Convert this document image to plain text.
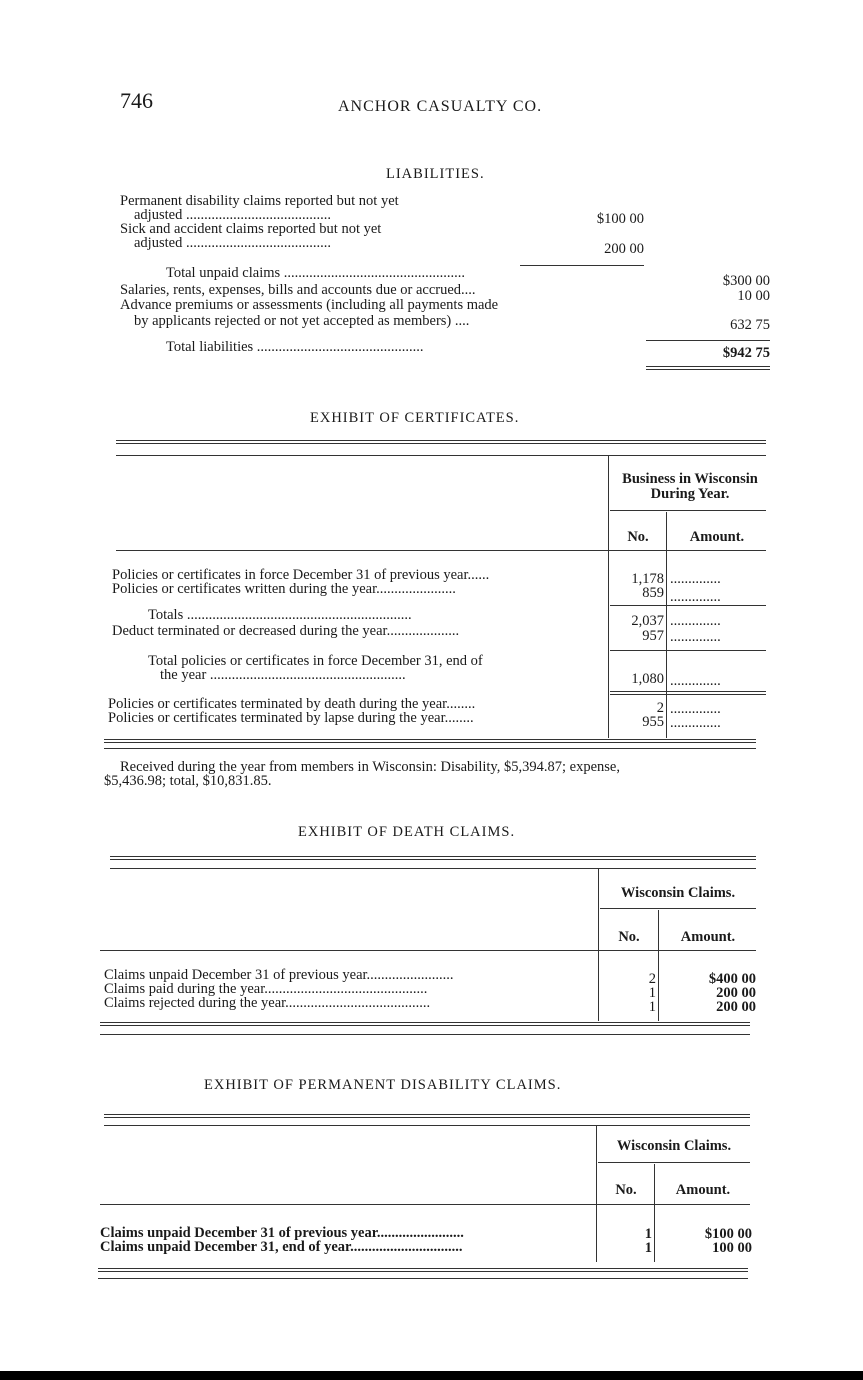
746	ANCHOR CASUALTY CO.
LIABILITIES.
Permanent disability claims reported but not yet
adjusted ........................................	$100 00
Sick and accident claims reported but not yet
adjusted ........................................	200 00
Total unpaid claims ..................................................	$300 00
Salaries, rents, expenses, bills and accounts due or accrued....	10 00
Advance premiums or assessments (including all payments made
by applicants rejected or not yet accepted as members) ....	632 75
Total liabilities ..............................................	$942 75
EXHIBIT OF CERTIFICATES.
Business in Wisconsin
During Year.
No.	Amount.
Policies or certificates in force December 31 of previous year......	1,178 ..............
Policies or certificates written during the year......................	859 ..............
Totals ..............................................................	2,037 ..............
Deduct terminated or decreased during the year....................	957 ..............
Total policies or certificates in force December 31, end of
the year ......................................................	1,080 ..............
Policies or certificates terminated by death during the year........	2 ..............
Policies or certificates terminated by lapse during the year........	955 ..............
Received during the year from members in Wisconsin: Disability, $5,394.87; expense,
$5,436.98; total, $10,831.85.
EXHIBIT OF DEATH CLAIMS.
Wisconsin Claims.
No.	Amount.
Claims unpaid December 31 of previous year........................	2	$400 00
Claims paid during the year.............................................	1	200 00
Claims rejected during the year........................................	1	200 00
EXHIBIT OF PERMANENT DISABILITY CLAIMS.
Wisconsin Claims.
No.	Amount.
Claims unpaid December 31 of previous year........................	1	$100 00
Claims unpaid December 31, end of year...............................	1	100 00
